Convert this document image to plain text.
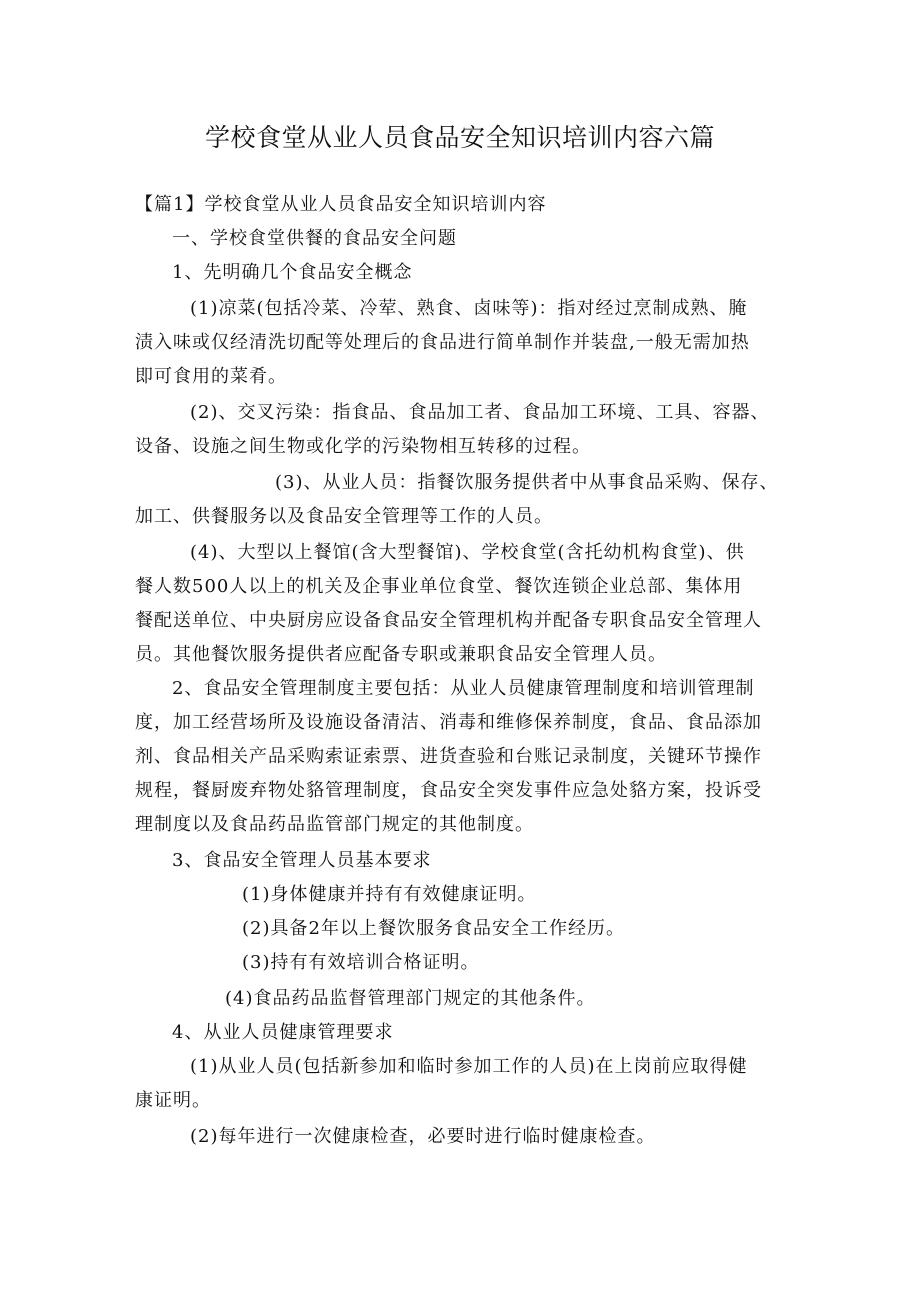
学校食堂从业人员食品安全知识培训内容六篇

【篇1】学校食堂从业人员食品安全知识培训内容

一、学校食堂供餐的食品安全问题

1、先明确几个食品安全概念

(1)凉菜(包括冷菜、冷荤、熟食、卤味等)：指对经过烹制成熟、腌

渍入味或仅经清洗切配等处理后的食品进行简单制作并装盘,一般无需加热

即可食用的菜肴。

(2)、交叉污染：指食品、食品加工者、食品加工环境、工具、容器、

设备、设施之间生物或化学的污染物相互转移的过程。

(3)、从业人员：指餐饮服务提供者中从事食品采购、保存、

加工、供餐服务以及食品安全管理等工作的人员。

(4)、大型以上餐馆(含大型餐馆)、学校食堂(含托幼机构食堂)、供

餐人数500人以上的机关及企事业单位食堂、餐饮连锁企业总部、集体用

餐配送单位、中央厨房应设备食品安全管理机构并配备专职食品安全管理人

员。其他餐饮服务提供者应配备专职或兼职食品安全管理人员。

2、食品安全管理制度主要包括：从业人员健康管理制度和培训管理制

度，加工经营场所及设施设备清洁、消毒和维修保养制度，食品、食品添加

剂、食品相关产品采购索证索票、进货查验和台账记录制度，关键环节操作

规程，餐厨废弃物处貉管理制度，食品安全突发事件应急处貉方案，投诉受

理制度以及食品药品监管部门规定的其他制度。

3、食品安全管理人员基本要求

(1)身体健康并持有有效健康证明。

(2)具备2年以上餐饮服务食品安全工作经历。

(3)持有有效培训合格证明。

(4)食品药品监督管理部门规定的其他条件。

4、从业人员健康管理要求

(1)从业人员(包括新参加和临时参加工作的人员)在上岗前应取得健

康证明。

(2)每年进行一次健康检查，必要时进行临时健康检查。
